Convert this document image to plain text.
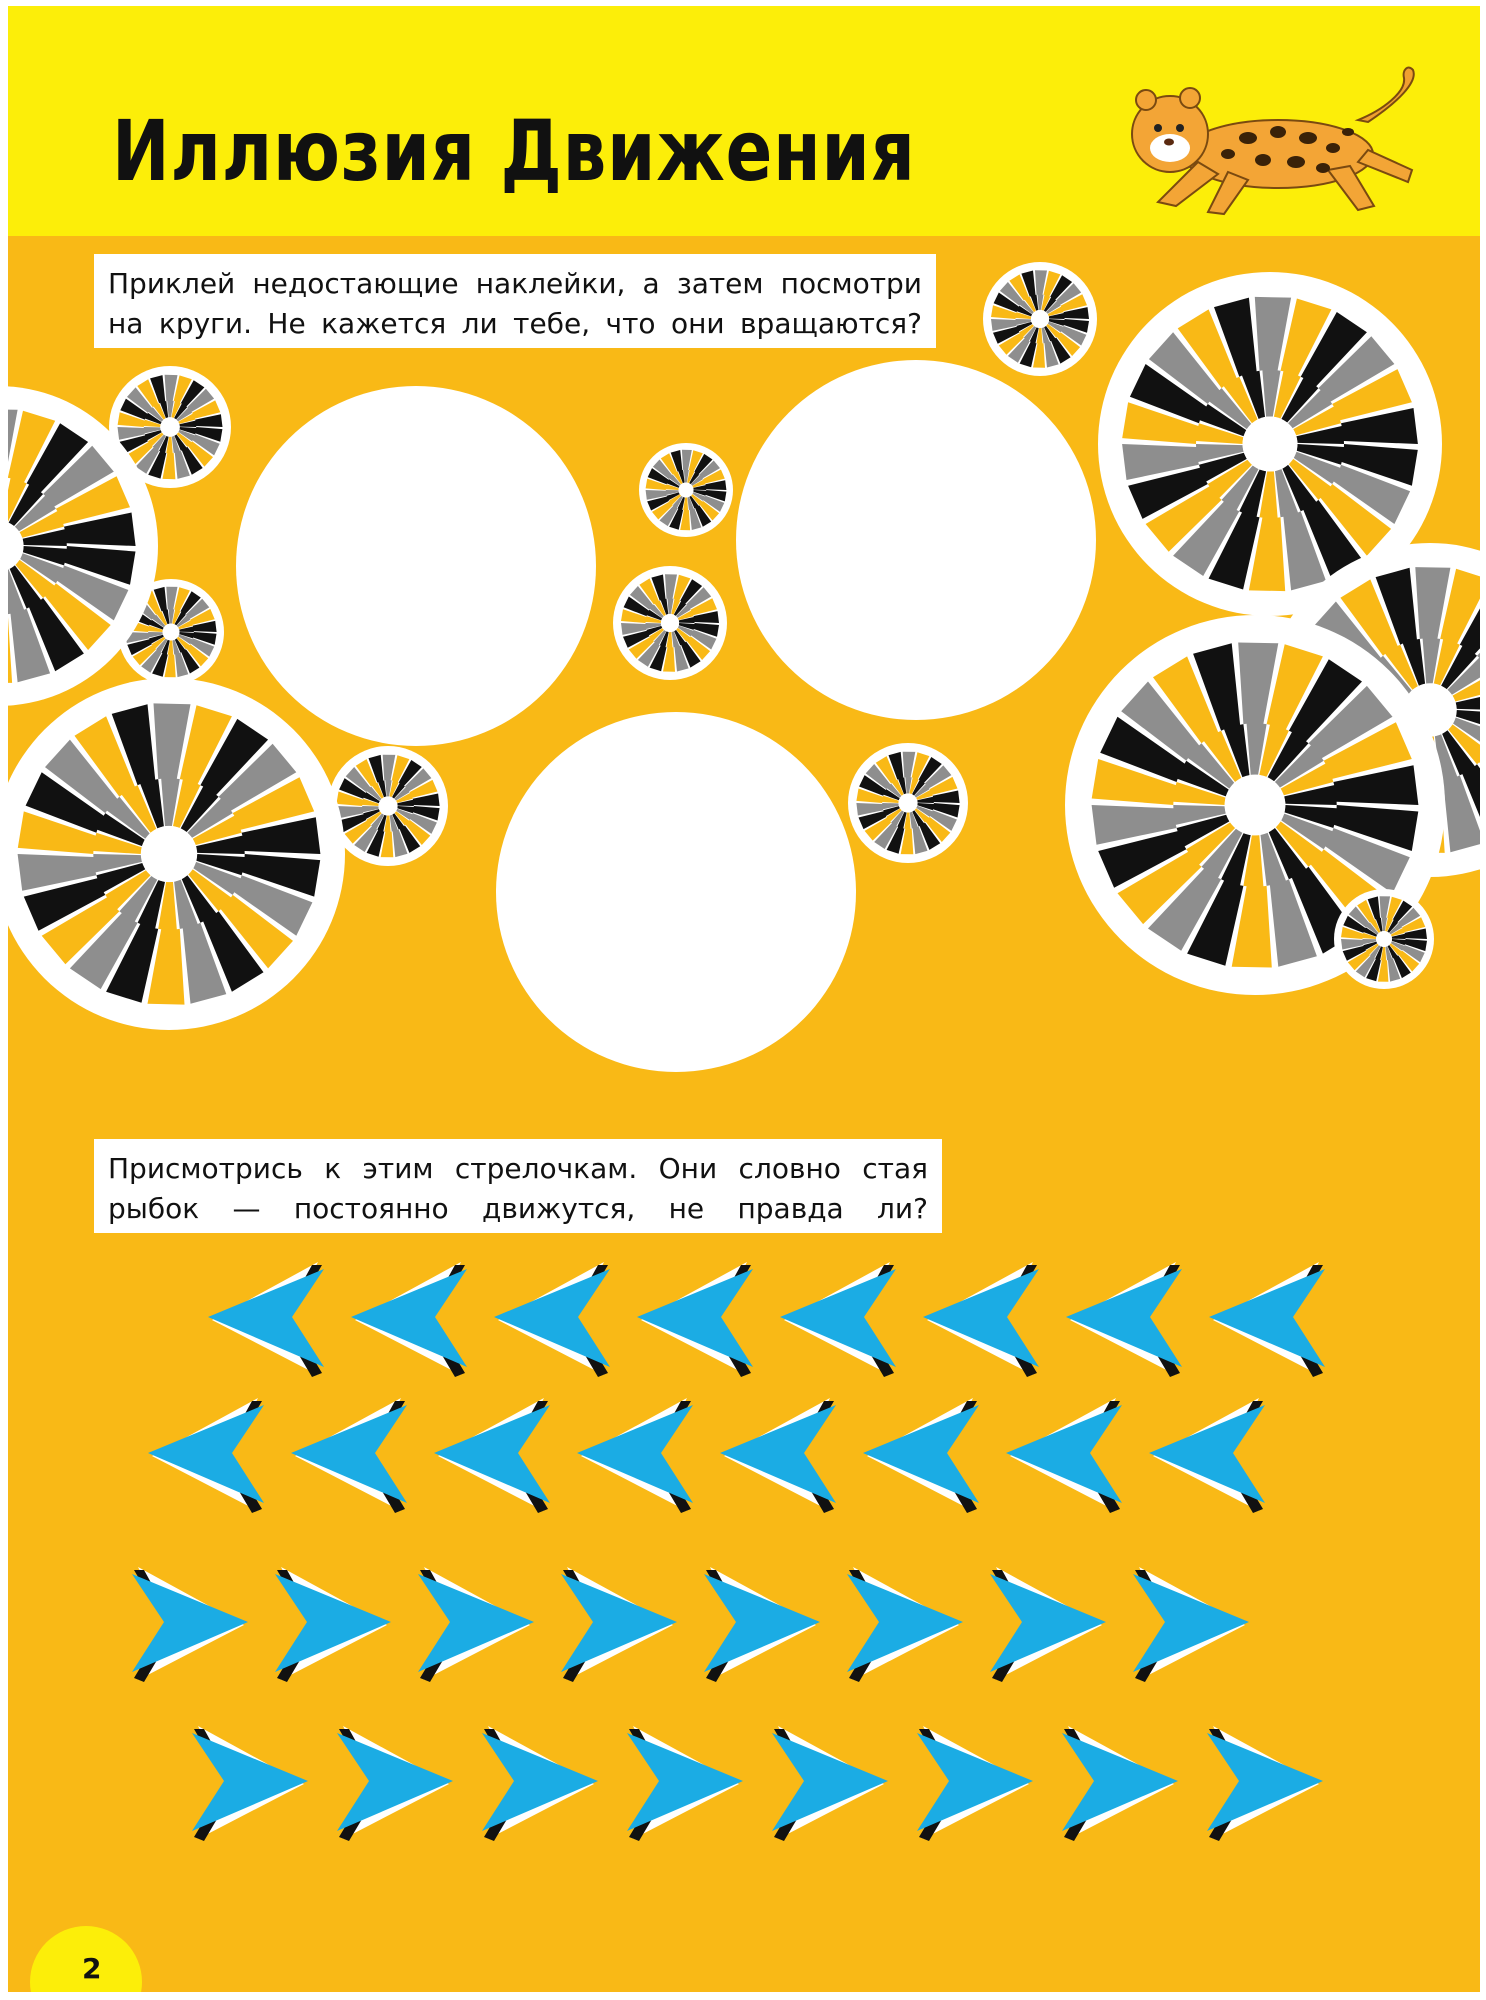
Иллюзия Движения
Приклей недостающие наклейки, а затем посмотри
на круги. Не кажется ли тебе, что они вращаются?
Присмотрись к этим стрелочкам. Они словно стая
рыбок — постоянно движутся, не правда ли?
2
